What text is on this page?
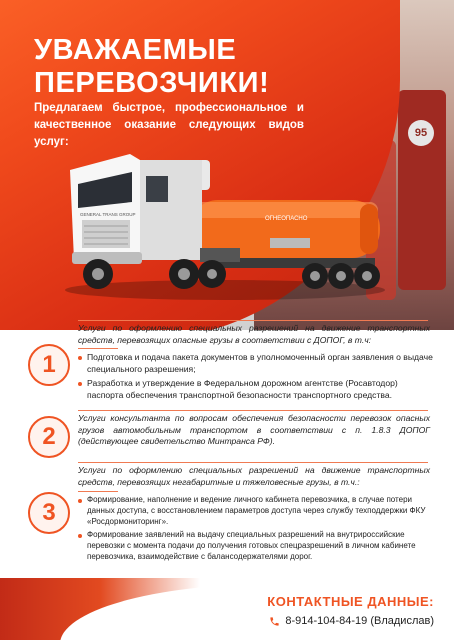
95
УВАЖАЕМЫЕ
ПЕРЕВОЗЧИКИ!

Предлагаем быстрое, профессиональное и качественное оказание следующих видов услуг:

ОГНЕОПАСНО
GENERAL TRANS GROUP
1

Услуги по оформлению специальных разрешений на движение транспортных средств, перевозящих опасные грузы в соответствии с ДОПОГ, в т.ч:

Подготовка и подача пакета документов в уполномоченный орган заявления о выдаче специального разрешения;
Разработка и утверждение в Федеральном дорожном агентстве (Росавтодор) паспорта обеспечения транспортной безопасности транспортного средства.
2

Услуги консультанта по вопросам обеспечения безопасности перевозок опасных грузов автомобильным транспортом в соответствии с п. 1.8.3 ДОПОГ (действующее свидетельство Минтранса РФ).

3

Услуги по оформлению специальных разрешений на движение транспортных средств, перевозящих негабаритные и тяжеловесные грузы, в т.ч.:

Формирование, наполнение и ведение личного кабинета перевозчика, в случае потери данных доступа, с восстановлением параметров доступа через службу техподдержки ФКУ «Росдормониторинг».
Формирование заявлений на выдачу специальных разрешений на внутрироссийские перевозки с момента подачи до получения готовых спецразрешений в личном кабинете перевозчика, взаимодействие с балансодержателями дорог.

КОНТАКТНЫЕ ДАННЫЕ:

8-914-104-84-19 (Владислав)
